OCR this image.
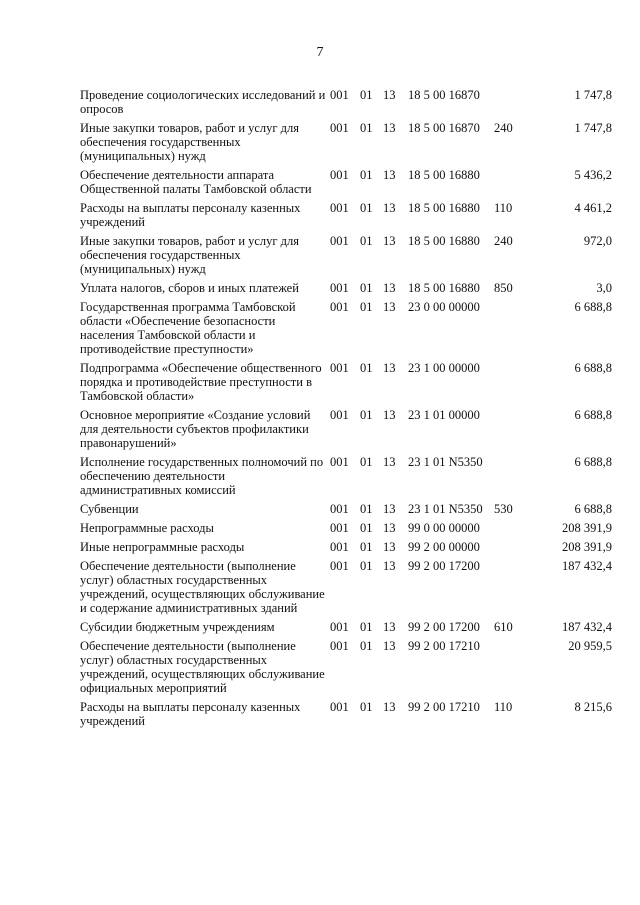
7
Проведение социологических исследований и опросов	001	01	13	18 5 00 16870		1 747,8
Иные закупки товаров, работ и услуг для обеспечения государственных (муниципальных) нужд	001	01	13	18 5 00 16870	240	1 747,8
Обеспечение деятельности аппарата Общественной палаты Тамбовской области	001	01	13	18 5 00 16880		5 436,2
Расходы на выплаты персоналу казенных учреждений	001	01	13	18 5 00 16880	110	4 461,2
Иные закупки товаров, работ и услуг для обеспечения государственных (муниципальных) нужд	001	01	13	18 5 00 16880	240	972,0
Уплата налогов, сборов и иных платежей	001	01	13	18 5 00 16880	850	3,0
Государственная программа Тамбовской области «Обеспечение безопасности населения Тамбовской области и противодействие преступности»	001	01	13	23 0 00 00000		6 688,8
Подпрограмма «Обеспечение общественного порядка и противодействие преступности в Тамбовской области»	001	01	13	23 1 00 00000		6 688,8
Основное мероприятие «Создание условий для деятельности субъектов профилактики правонарушений»	001	01	13	23 1 01 00000		6 688,8
Исполнение государственных полномочий по обеспечению деятельности административных комиссий	001	01	13	23 1 01 N5350		6 688,8
Субвенции	001	01	13	23 1 01 N5350	530	6 688,8
Непрограммные расходы	001	01	13	99 0 00 00000		208 391,9
Иные непрограммные расходы	001	01	13	99 2 00 00000		208 391,9
Обеспечение деятельности (выполнение услуг) областных государственных учреждений, осуществляющих обслуживание и содержание административных зданий	001	01	13	99 2 00 17200		187 432,4
Субсидии бюджетным учреждениям	001	01	13	99 2 00 17200	610	187 432,4
Обеспечение деятельности (выполнение услуг) областных государственных учреждений, осуществляющих обслуживание официальных мероприятий	001	01	13	99 2 00 17210		20 959,5
Расходы на выплаты персоналу казенных учреждений	001	01	13	99 2 00 17210	110	8 215,6
